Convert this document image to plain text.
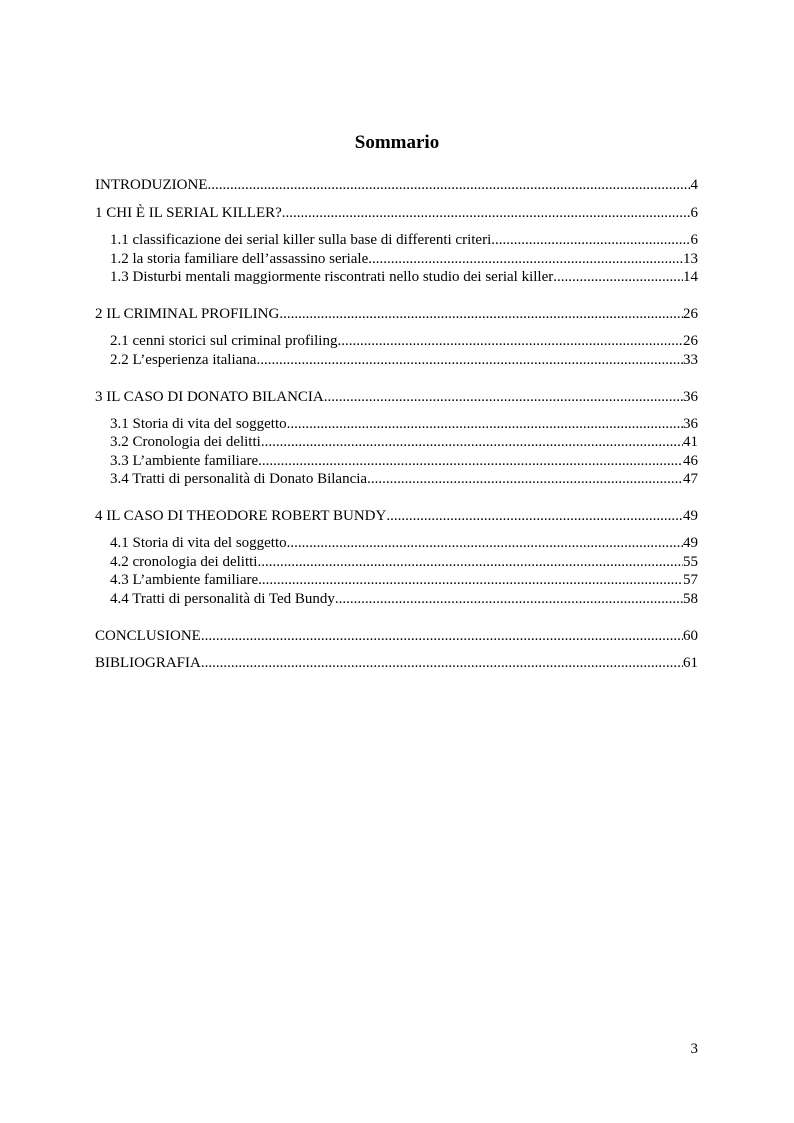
Sommario
INTRODUZIONE .....	4
1 CHI È IL SERIAL KILLER? .....	6
1.1 classificazione dei serial killer sulla base di differenti criteri .....	6
1.2 la storia familiare dell’assassino seriale .....	13
1.3 Disturbi mentali maggiormente riscontrati nello studio dei serial killer .....	14
2 IL CRIMINAL PROFILING .....	26
2.1 cenni storici sul criminal profiling .....	26
2.2 L’esperienza italiana .....	33
3 IL CASO DI DONATO BILANCIA .....	36
3.1 Storia di vita del soggetto .....	36
3.2 Cronologia dei delitti .....	41
3.3 L’ambiente familiare .....	46
3.4 Tratti di personalità di Donato Bilancia .....	47
4 IL CASO DI THEODORE ROBERT BUNDY .....	49
4.1 Storia di vita del soggetto .....	49
4.2 cronologia dei delitti .....	55
4.3 L’ambiente familiare .....	57
4.4 Tratti di personalità di Ted Bundy .....	58
CONCLUSIONE .....	60
BIBLIOGRAFIA .....	61
3
